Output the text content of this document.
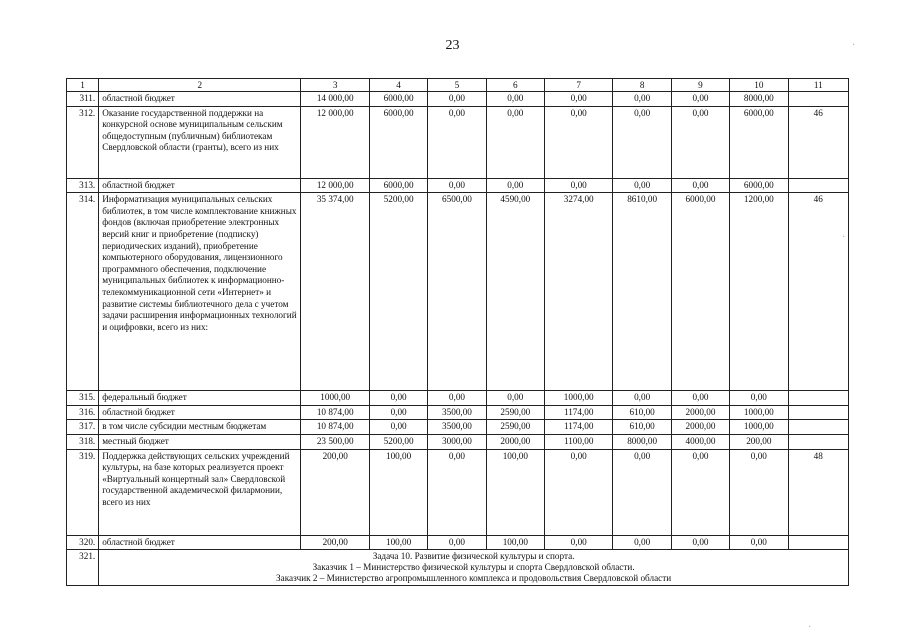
23
1	2	3	4	5	6	7	8	9	10	11
311.	областной бюджет	14 000,00	6000,00	0,00	0,00	0,00	0,00	0,00	8000,00	
312.	Оказание государственной поддержки на конкурсной основе муниципальным сельским общедоступным (публичным) библиотекам Свердловской области (гранты), всего из них	12 000,00	6000,00	0,00	0,00	0,00	0,00	0,00	6000,00	46
313.	областной бюджет	12 000,00	6000,00	0,00	0,00	0,00	0,00	0,00	6000,00	
314.	Информатизация муниципальных сельских библиотек, в том числе комплектование книжных фондов (включая приобретение электронных версий книг и приобретение (подписку) периодических изданий), приобретение компьютерного оборудования, лицензионного программного обеспечения, подключение муниципальных библиотек к информационно-телекоммуникационной сети «Интернет» и развитие системы библиотечного дела с учетом задачи расширения информационных технологий и оцифровки, всего из них:	35 374,00	5200,00	6500,00	4590,00	3274,00	8610,00	6000,00	1200,00	46
315.	федеральный бюджет	1000,00	0,00	0,00	0,00	1000,00	0,00	0,00	0,00	
316.	областной бюджет	10 874,00	0,00	3500,00	2590,00	1174,00	610,00	2000,00	1000,00	
317.	в том числе субсидии местным бюджетам	10 874,00	0,00	3500,00	2590,00	1174,00	610,00	2000,00	1000,00	
318.	местный бюджет	23 500,00	5200,00	3000,00	2000,00	1100,00	8000,00	4000,00	200,00	
319.	Поддержка действующих сельских учреждений культуры, на базе которых реализуется проект «Виртуальный концертный зал» Свердловской государственной академической филармонии, всего из них	200,00	100,00	0,00	100,00	0,00	0,00	0,00	0,00	48
320.	областной бюджет	200,00	100,00	0,00	100,00	0,00	0,00	0,00	0,00	
321.	Задача 10. Развитие физической культуры и спорта.
Заказчик 1 – Министерство физической культуры и спорта Свердловской области.
Заказчик 2 – Министерство агропромышленного комплекса и продовольствия Свердловской области									
·
·
·
